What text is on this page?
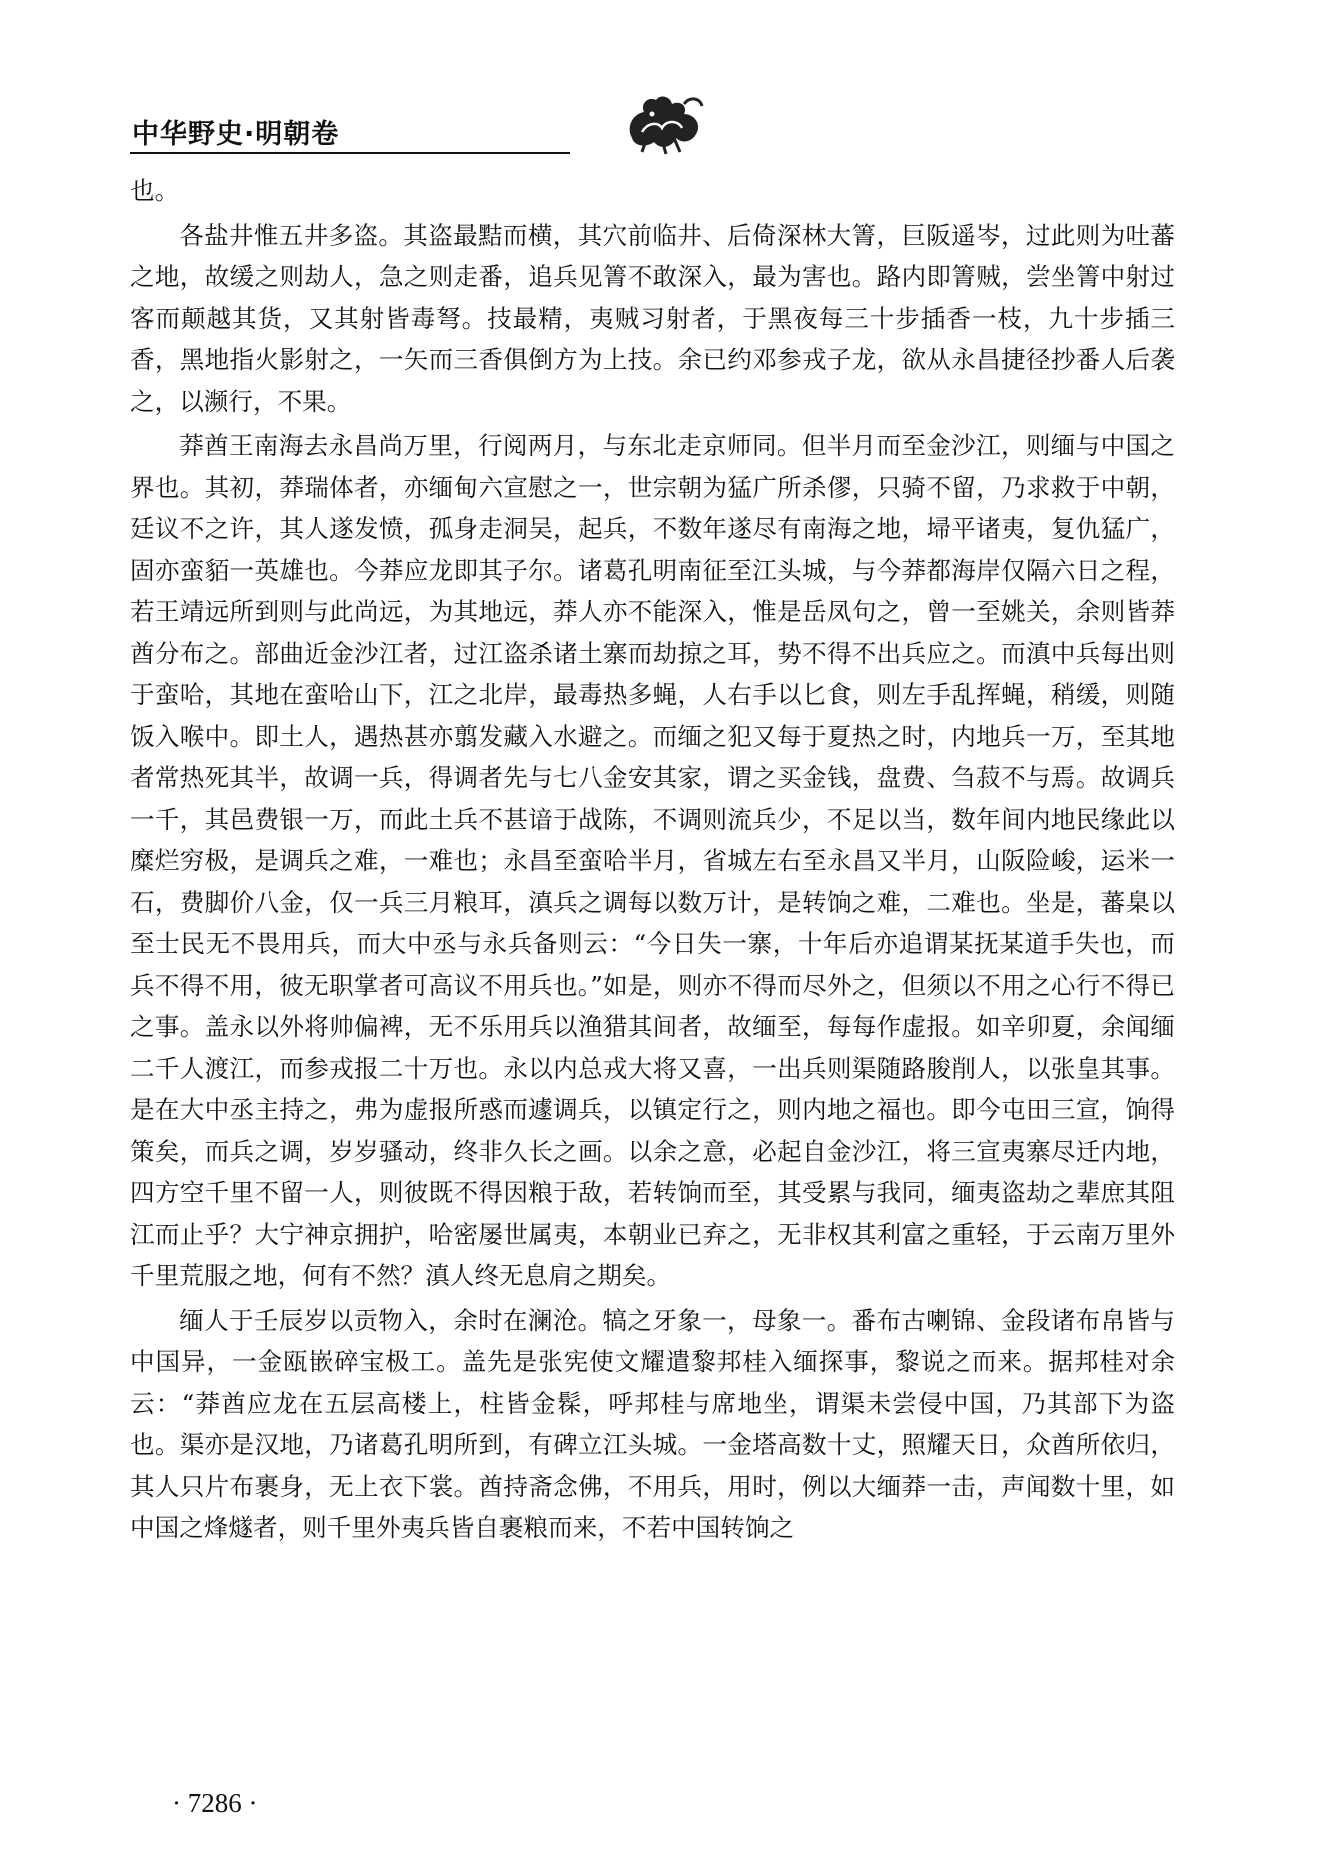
中华野史·明朝卷

也。

各盐井惟五井多盗。其盗最黠而横，其穴前临井、后倚深林大箐，巨阪遥岑，过此则为吐蕃之地，故缓之则劫人，急之则走番，追兵见箐不敢深入，最为害也。路内即箐贼，尝坐箐中射过客而颠越其货，又其射皆毒弩。技最精，夷贼习射者，于黑夜每三十步插香一枝，九十步插三香，黑地指火影射之，一矢而三香俱倒方为上技。余已约邓参戎子龙，欲从永昌捷径抄番人后袭之，以濒行，不果。

莽酋王南海去永昌尚万里，行阅两月，与东北走京师同。但半月而至金沙江，则缅与中国之界也。其初，莽瑞体者，亦缅甸六宣慰之一，世宗朝为猛广所杀僇，只骑不留，乃求救于中朝，廷议不之许，其人遂发愤，孤身走洞吴，起兵，不数年遂尽有南海之地，埽平诸夷，复仇猛广，固亦蛮貊一英雄也。今莽应龙即其子尔。诸葛孔明南征至江头城，与今莽都海岸仅隔六日之程，若王靖远所到则与此尚远，为其地远，莽人亦不能深入，惟是岳凤句之，曾一至姚关，余则皆莽酋分布之。部曲近金沙江者，过江盗杀诸土寨而劫掠之耳，势不得不出兵应之。而滇中兵每出则于蛮哈，其地在蛮哈山下，江之北岸，最毒热多蝇，人右手以匕食，则左手乱挥蝇，稍缓，则随饭入喉中。即土人，遇热甚亦翦发藏入水避之。而缅之犯又每于夏热之时，内地兵一万，至其地者常热死其半，故调一兵，得调者先与七八金安其家，谓之买金钱，盘费、刍菽不与焉。故调兵一千，其邑费银一万，而此土兵不甚谙于战陈，不调则流兵少，不足以当，数年间内地民缘此以糜烂穷极，是调兵之难，一难也；永昌至蛮哈半月，省城左右至永昌又半月，山阪险峻，运米一石，费脚价八金，仅一兵三月粮耳，滇兵之调每以数万计，是转饷之难，二难也。坐是，蕃臬以至士民无不畏用兵，而大中丞与永兵备则云：“今日失一寨，十年后亦追谓某抚某道手失也，而兵不得不用，彼无职掌者可高议不用兵也。”如是，则亦不得而尽外之，但须以不用之心行不得已之事。盖永以外将帅偏裨，无不乐用兵以渔猎其间者，故缅至，每每作虚报。如辛卯夏，余闻缅二千人渡江，而参戎报二十万也。永以内总戎大将又喜，一出兵则渠随路朘削人，以张皇其事。是在大中丞主持之，弗为虚报所惑而遽调兵，以镇定行之，则内地之福也。即今屯田三宣，饷得策矣，而兵之调，岁岁骚动，终非久长之画。以余之意，必起自金沙江，将三宣夷寨尽迁内地，四方空千里不留一人，则彼既不得因粮于敌，若转饷而至，其受累与我同，缅夷盗劫之辈庶其阻江而止乎？大宁神京拥护，哈密屡世属夷，本朝业已弃之，无非权其利富之重轻，于云南万里外千里荒服之地，何有不然？滇人终无息肩之期矣。

缅人于壬辰岁以贡物入，余时在澜沧。犒之牙象一，母象一。番布古喇锦、金段诸布帛皆与中国异，一金瓯嵌碎宝极工。盖先是张宪使文耀遣黎邦桂入缅探事，黎说之而来。据邦桂对余云：“莽酋应龙在五层高楼上，柱皆金髹，呼邦桂与席地坐，谓渠未尝侵中国，乃其部下为盗也。渠亦是汉地，乃诸葛孔明所到，有碑立江头城。一金塔高数十丈，照耀天日，众酋所依归，其人只片布裹身，无上衣下裳。酋持斋念佛，不用兵，用时，例以大缅莽一击，声闻数十里，如中国之烽燧者，则千里外夷兵皆自裹粮而来，不若中国转饷之

· 7286 ·
